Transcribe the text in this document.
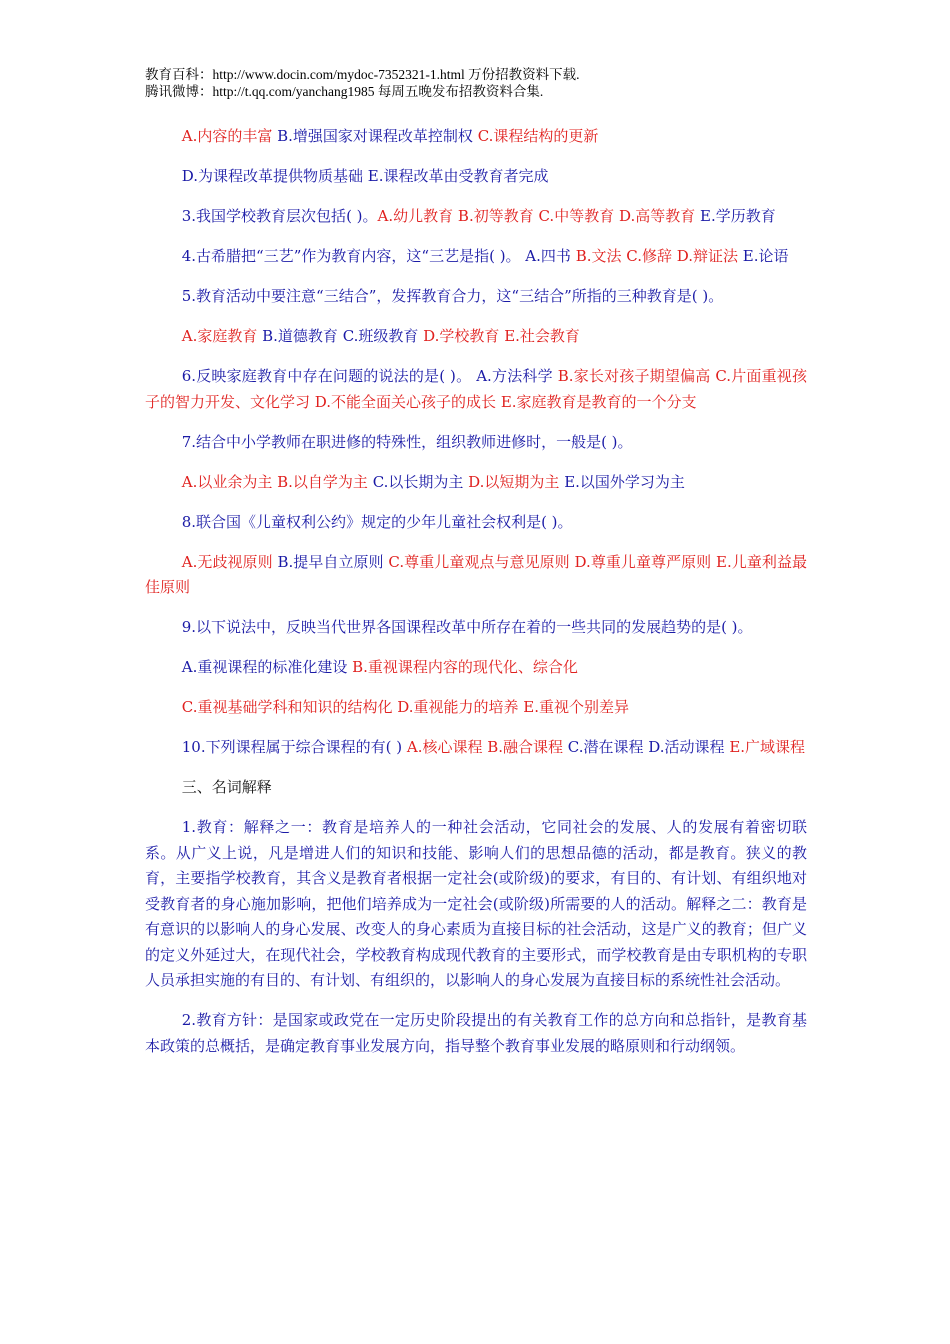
教育百科：http://www.docin.com/mydoc-7352321-1.html 万份招教资料下载.
腾讯微博：http://t.qq.com/yanchang1985 每周五晚发布招教资料合集.

A.内容的丰富 B.增强国家对课程改革控制权 C.课程结构的更新

D.为课程改革提供物质基础 E.课程改革由受教育者完成

3.我国学校教育层次包括( )。A.幼儿教育 B.初等教育 C.中等教育 D.高等教育 E.学历教育

4.古希腊把“三艺”作为教育内容，这“三艺是指( )。 A.四书 B.文法 C.修辞 D.辩证法 E.论语

5.教育活动中要注意“三结合”，发挥教育合力，这“三结合”所指的三种教育是( )。

A.家庭教育 B.道德教育 C.班级教育 D.学校教育 E.社会教育

6.反映家庭教育中存在问题的说法的是( )。 A.方法科学 B.家长对孩子期望偏高 C.片面重视孩子的智力开发、文化学习 D.不能全面关心孩子的成长 E.家庭教育是教育的一个分支

7.结合中小学教师在职进修的特殊性，组织教师进修时，一般是( )。

A.以业余为主 B.以自学为主 C.以长期为主 D.以短期为主 E.以国外学习为主

8.联合国《儿童权利公约》规定的少年儿童社会权利是( )。

A.无歧视原则 B.提早自立原则 C.尊重儿童观点与意见原则 D.尊重儿童尊严原则 E.儿童利益最佳原则

9.以下说法中，反映当代世界各国课程改革中所存在着的一些共同的发展趋势的是( )。

A.重视课程的标准化建设 B.重视课程内容的现代化、综合化

C.重视基础学科和知识的结构化 D.重视能力的培养 E.重视个别差异

10.下列课程属于综合课程的有( ) A.核心课程 B.融合课程 C.潜在课程 D.活动课程 E.广域课程

三、名词解释

1.教育：解释之一：教育是培养人的一种社会活动，它同社会的发展、人的发展有着密切联系。从广义上说，凡是增进人们的知识和技能、影响人们的思想品德的活动，都是教育。狭义的教育，主要指学校教育，其含义是教育者根据一定社会(或阶级)的要求，有目的、有计划、有组织地对受教育者的身心施加影响，把他们培养成为一定社会(或阶级)所需要的人的活动。解释之二：教育是有意识的以影响人的身心发展、改变人的身心素质为直接目标的社会活动，这是广义的教育；但广义的定义外延过大，在现代社会，学校教育构成现代教育的主要形式，而学校教育是由专职机构的专职人员承担实施的有目的、有计划、有组织的，以影响人的身心发展为直接目标的系统性社会活动。

2.教育方针：是国家或政党在一定历史阶段提出的有关教育工作的总方向和总指针，是教育基本政策的总概括，是确定教育事业发展方向，指导整个教育事业发展的略原则和行动纲领。
